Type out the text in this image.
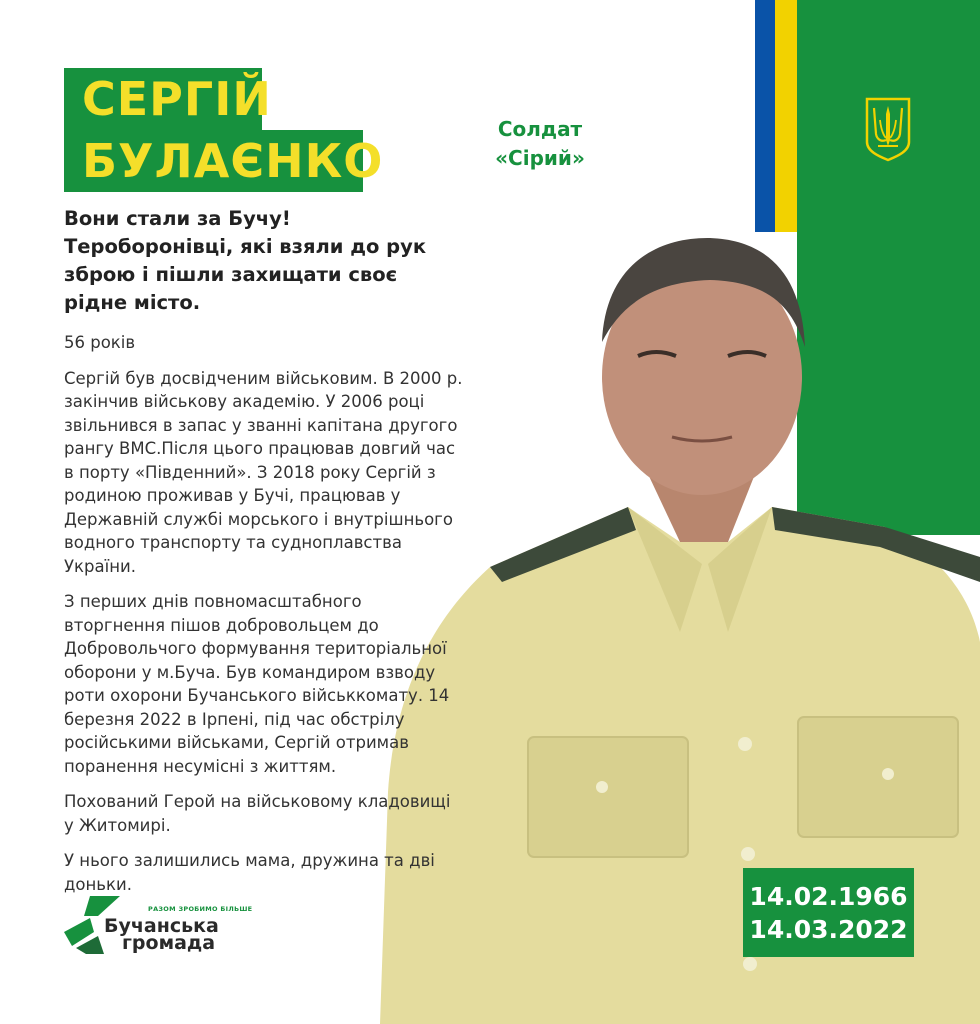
СЕРГІЙ
БУЛАЄНКО
Солдат
«Сірий»

Вони стали за Бучу!
Тероборонівці, які взяли до рук зброю і пішли захищати своє рідне місто.

56 років

Сергій був досвідченим військовим. В 2000 р. закінчив військову академію. У 2006 році звільнився в запас у званні капітана другого рангу ВМС.Після цього працював довгий час в порту «Південний». З 2018 року Сергій з родиною проживав у Бучі, працював у Державній службі морського і внутрішнього водного транспорту та судноплавства України.

З перших днів повномасштабного вторгнення пішов добровольцем до Добровольчого формування територіальної оборони у м.Буча. Був командиром взводу роти охорони Бучанського військкомату. 14 березня 2022 в Ірпені, під час обстрілу російськими військами, Сергій отримав поранення несумісні з життям.

Похований Герой на військовому кладовищі у Житомирі.

У нього залишились мама, дружина та дві доньки.	14.02.1966
14.03.2022
РАЗОМ ЗРОБИМО БІЛЬШЕ
Бучанська
громада
